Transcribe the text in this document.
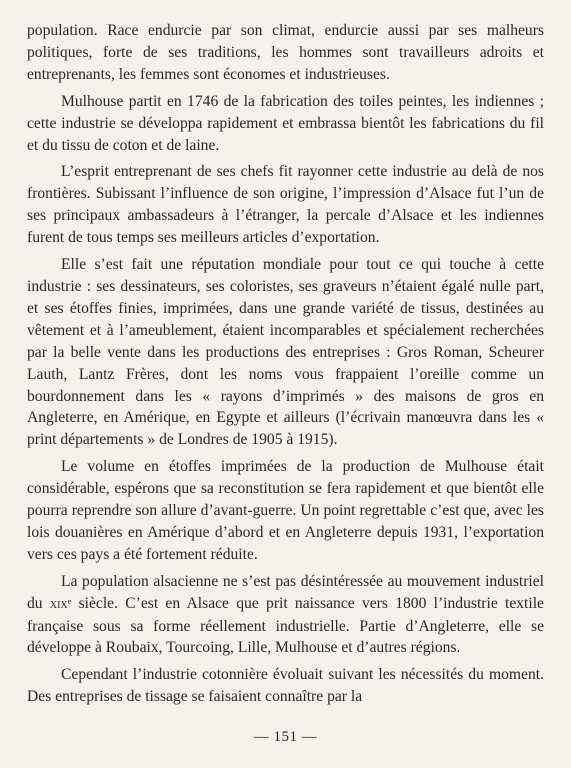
population. Race endurcie par son climat, endurcie aussi par ses malheurs politiques, forte de ses traditions, les hommes sont travailleurs adroits et entreprenants, les femmes sont économes et industrieuses.

Mulhouse partit en 1746 de la fabrication des toiles peintes, les indiennes ; cette industrie se développa rapidement et embrassa bientôt les fabrications du fil et du tissu de coton et de laine.

L’esprit entreprenant de ses chefs fit rayonner cette industrie au delà de nos frontières. Subissant l’influence de son origine, l’impression d’Alsace fut l’un de ses principaux ambassadeurs à l’étranger, la percale d’Alsace et les indiennes furent de tous temps ses meilleurs articles d’exportation.

Elle s’est fait une réputation mondiale pour tout ce qui touche à cette industrie : ses dessinateurs, ses coloristes, ses graveurs n’étaient égalé nulle part, et ses étoffes finies, imprimées, dans une grande variété de tissus, destinées au vêtement et à l’ameublement, étaient incomparables et spécialement recherchées par la belle vente dans les productions des entreprises : Gros Roman, Scheurer Lauth, Lantz Frères, dont les noms vous frappaient l’oreille comme un bourdonnement dans les « rayons d’imprimés » des maisons de gros en Angleterre, en Amérique, en Egypte et ailleurs (l’écrivain manœuvra dans les « print départements » de Londres de 1905 à 1915).

Le volume en étoffes imprimées de la production de Mulhouse était considérable, espérons que sa reconstitution se fera rapidement et que bientôt elle pourra reprendre son allure d’avant-guerre. Un point regrettable c’est que, avec les lois douanières en Amérique d’abord et en Angleterre depuis 1931, l’exportation vers ces pays a été fortement réduite.

La population alsacienne ne s’est pas désintéressée au mouvement industriel du xixᵉ siècle. C’est en Alsace que prit naissance vers 1800 l’industrie textile française sous sa forme réellement industrielle. Partie d’Angleterre, elle se développe à Roubaix, Tourcoing, Lille, Mulhouse et d’autres régions.

Cependant l’industrie cotonnière évoluait suivant les nécessités du moment. Des entreprises de tissage se faisaient connaître par la

— 151 —
